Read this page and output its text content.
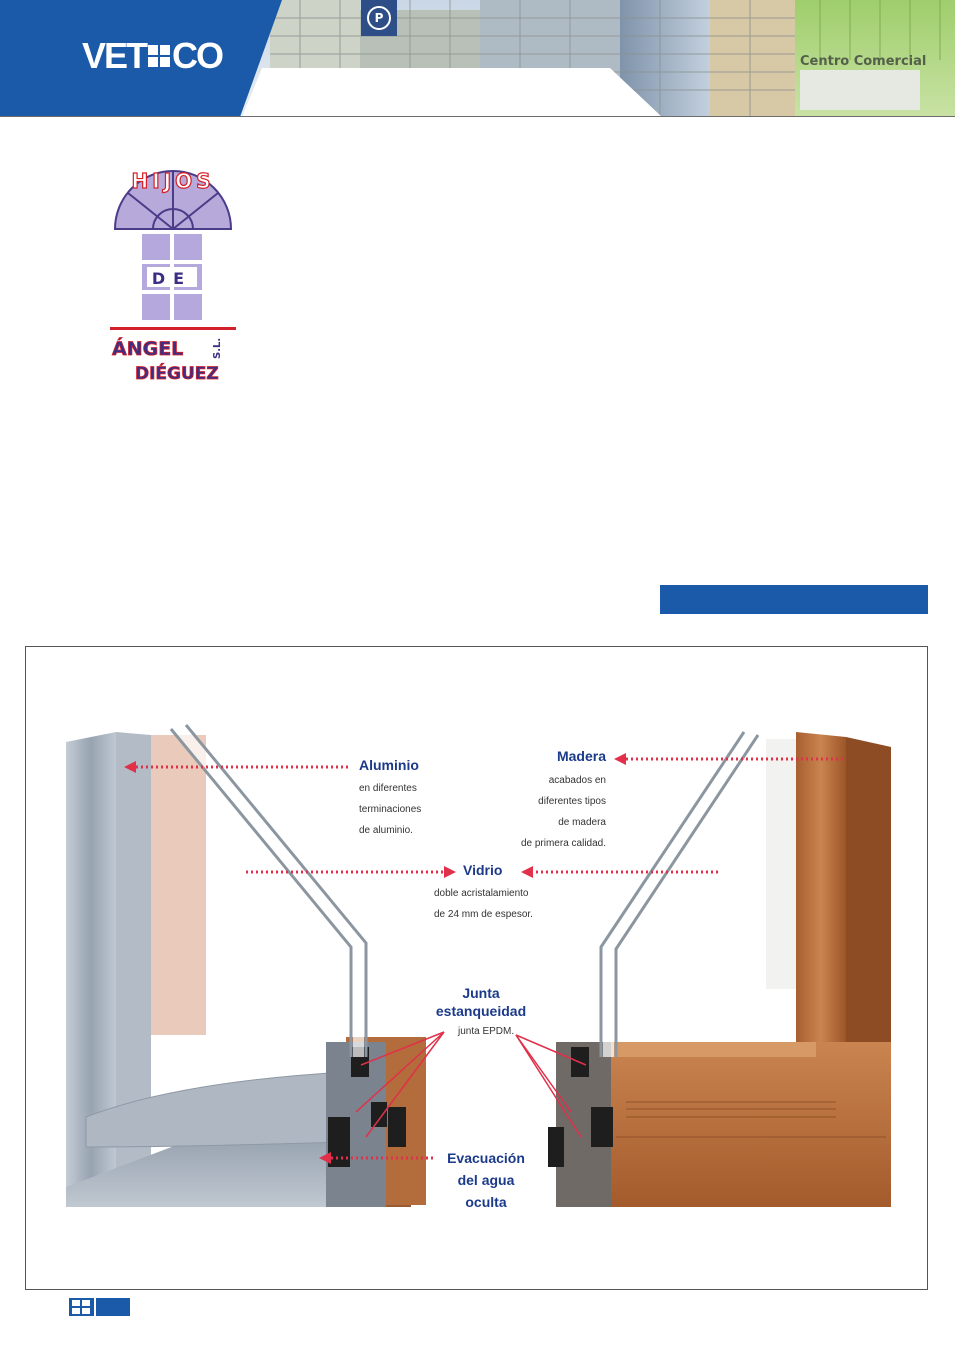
P
VET CO	Centro Comercial
HIJOS
DE
ÁNGEL
DIÉGUEZ
S.L.
Aluminio
en diferentes
terminaciones
de aluminio.
Madera
acabados en
diferentes tipos
de madera
de primera calidad.
Vidrio
doble acristalamiento
de 24 mm de espesor.
Junta
estanqueidad
junta EPDM.
Evacuación
del agua
oculta
